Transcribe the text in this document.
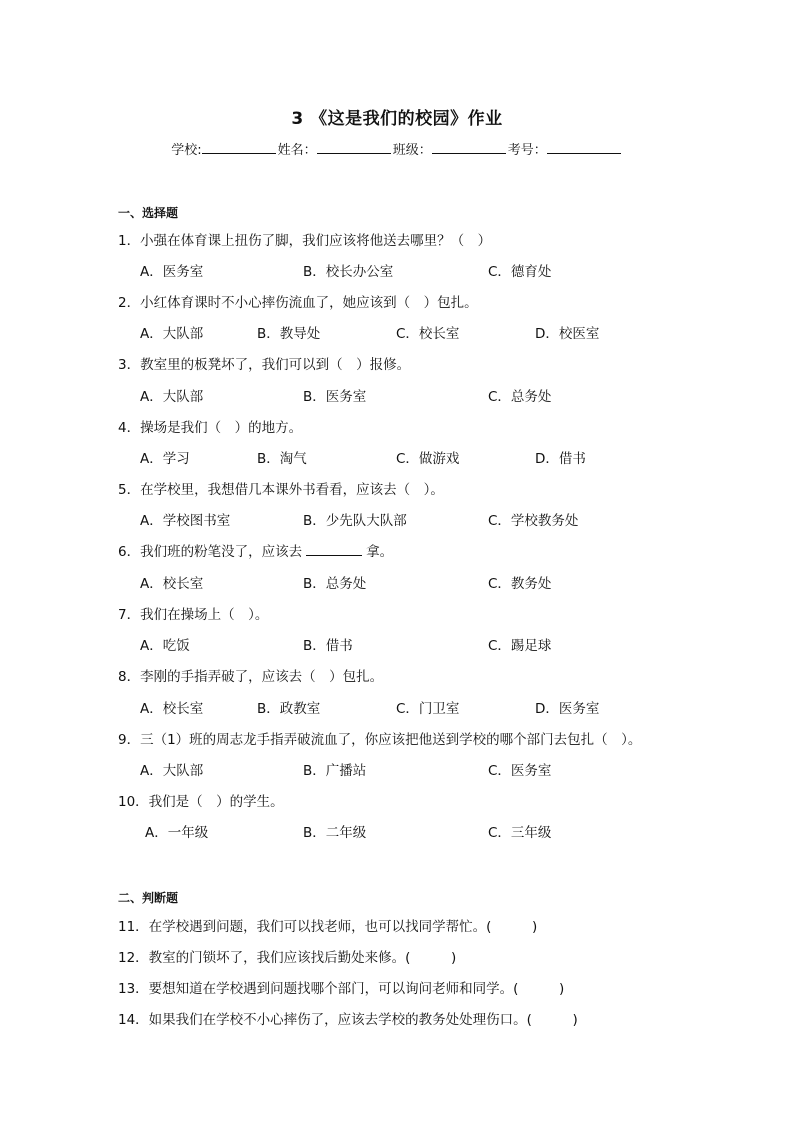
3 《这是我们的校园》作业
学校:	姓名：	班级：	考号：
一、选择题
1．小强在体育课上扭伤了脚，我们应该将他送去哪里？（　）
A．医务室	B．校长办公室	C．德育处
2．小红体育课时不小心摔伤流血了，她应该到（　）包扎。
A．大队部	B．教导处	C．校长室	D．校医室
3．教室里的板凳坏了，我们可以到（　）报修。
A．大队部	B．医务室	C．总务处
4．操场是我们（　）的地方。
A．学习	B．淘气	C．做游戏	D．借书
5．在学校里，我想借几本课外书看看，应该去（　）。
A．学校图书室	B．少先队大队部	C．学校教务处
6．我们班的粉笔没了，应该去	拿。
A．校长室	B．总务处	C．教务处
7．我们在操场上（　）。
A．吃饭	B．借书	C．踢足球
8．李刚的手指弄破了，应该去（　）包扎。
A．校长室	B．政教室	C．门卫室	D．医务室
9．三（1）班的周志龙手指弄破流血了，你应该把他送到学校的哪个部门去包扎（　）。
A．大队部	B．广播站	C．医务室
10．我们是（　）的学生。
A．一年级	B．二年级	C．三年级
二、判断题
11．在学校遇到问题，我们可以找老师，也可以找同学帮忙。(　　　)
12．教室的门锁坏了，我们应该找后勤处来修。(　　　)
13．要想知道在学校遇到问题找哪个部门，可以询问老师和同学。(　　　)
14．如果我们在学校不小心摔伤了，应该去学校的教务处处理伤口。(　　　)
